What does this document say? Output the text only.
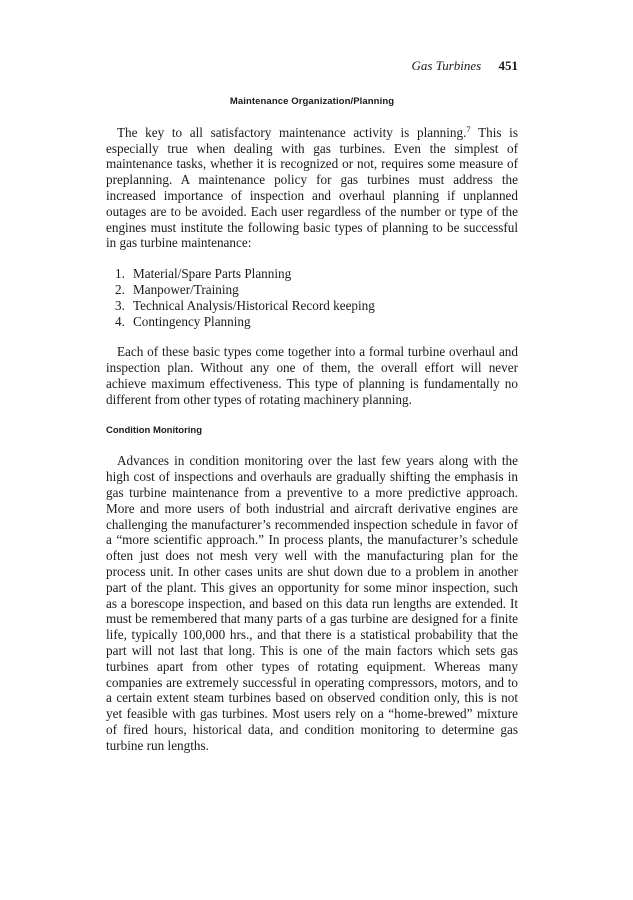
Gas Turbines 451
Maintenance Organization/Planning

The key to all satisfactory maintenance activity is planning.$^7$ This is especially true when dealing with gas turbines. Even the simplest of maintenance tasks, whether it is recognized or not, requires some measure of preplanning. A maintenance policy for gas turbines must address the increased importance of inspection and overhaul planning if unplanned outages are to be avoided. Each user regardless of the number or type of the engines must institute the following basic types of planning to be successful in gas turbine maintenance:

1. Material/Spare Parts Planning
2. Manpower/Training
3. Technical Analysis/Historical Record keeping
4. Contingency Planning

Each of these basic types come together into a formal turbine overhaul and inspection plan. Without any one of them, the overall effort will never achieve maximum effectiveness. This type of planning is fundamentally no different from other types of rotating machinery planning.

Condition Monitoring

Advances in condition monitoring over the last few years along with the high cost of inspections and overhauls are gradually shifting the emphasis in gas turbine maintenance from a preventive to a more predictive approach. More and more users of both industrial and aircraft derivative engines are challenging the manufacturer’s recommended inspection schedule in favor of a “more scientific approach.” In process plants, the manufacturer’s schedule often just does not mesh very well with the manufacturing plan for the process unit. In other cases units are shut down due to a problem in another part of the plant. This gives an opportunity for some minor inspection, such as a borescope inspection, and based on this data run lengths are extended. It must be remembered that many parts of a gas turbine are designed for a finite life, typically 100,000 hrs., and that there is a statistical probability that the part will not last that long. This is one of the main factors which sets gas turbines apart from other types of rotating equipment. Whereas many companies are extremely successful in operating compressors, motors, and to a certain extent steam turbines based on observed condition only, this is not yet feasible with gas turbines. Most users rely on a “home-brewed” mixture of fired hours, historical data, and condition monitoring to determine gas turbine run lengths.
